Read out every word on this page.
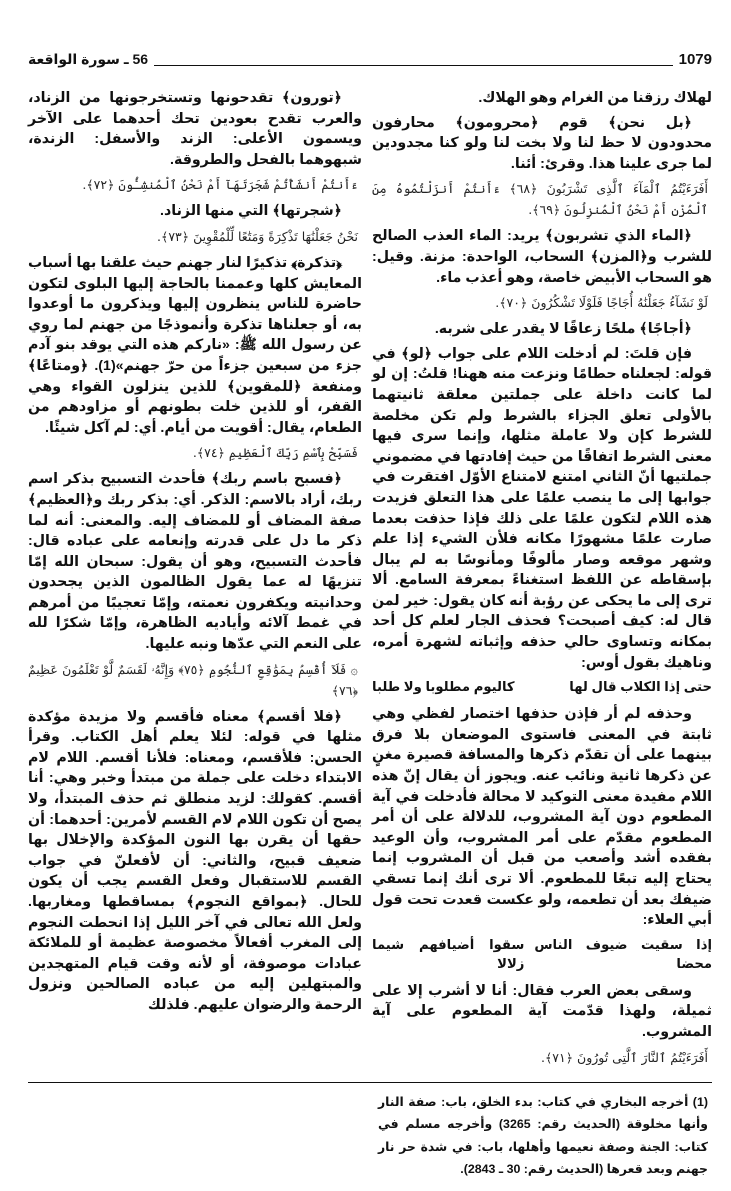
56 ـ سورة الواقعة	1079
لهلاك رزقنا من الغرام وهو الهلاك.
﴿بل نحن﴾ قوم ﴿محرومون﴾ محارفون محدودون لا حظ لنا ولا بخت لنا ولو كنا مجدودين لما جرى علينا هذا. وقرئ: أئنا.
أَفَرَءَيْتُمُ ٱلْمَآءَ ٱلَّذِى تَشْرَبُونَ ﴿٦٨﴾ ءَأَنتُمْ أَنزَلْتُمُوهُ مِنَ ٱلْمُزْنِ أَمْ نَحْنُ ٱلْمُنزِلُونَ ﴿٦٩﴾.
﴿الماء الذي تشربون﴾ يريد: الماء العذب الصالح للشرب و﴿المزن﴾ السحاب، الواحدة: مزنة. وقيل: هو السحاب الأبيض خاصة، وهو أعذب ماء.
لَوْ نَشَآءُ جَعَلْنَٰهُ أُجَاجًا فَلَوْلَا تَشْكُرُونَ ﴿٧٠﴾.
﴿أجاجًا﴾ ملحًا زعاقًا لا يقدر على شربه.
فإن قلتَ: لم أدخلت اللام على جواب ﴿لو﴾ في قوله: لجعلناه حطامًا ونزعت منه ههنا! قلتُ: إن لو لما كانت داخلة على جملتين معلقة ثانيتهما بالأولى تعلق الجزاء بالشرط ولم تكن مخلصة للشرط كإن ولا عاملة مثلها، وإنما سرى فيها معنى الشرط اتفاقًا من حيث إفادتها في مضموني جملتيها أنّ الثاني امتنع لامتناع الأوّل افتقرت في جوابها إلى ما ينصب علمًا على هذا التعلق فزيدت هذه اللام لتكون علمًا على ذلك فإذا حذفت بعدما صارت علمًا مشهورًا مكانه فلأن الشيء إذا علم وشهر موقعه وصار مألوفًا ومأنوسًا به لم يبال بإسقاطه عن اللفظ استغناءً بمعرفة السامع. ألا ترى إلى ما يحكى عن رؤبة أنه كان يقول: خير لمن قال له: كيف أصبحت؟ فحذف الجار لعلم كل أحد بمكانه وتساوى حالي حذفه وإثباته لشهرة أمره، وناهيك بقول أوس:
حتى إذا الكلاب قال لها
كاليوم مطلوبا ولا طلبا
وحذفه لم أر فإذن حذفها اختصار لفظي وهي ثابتة في المعنى فاستوى الموضعان بلا فرق بينهما على أن تقدّم ذكرها والمسافة قصيرة مغنٍ عن ذكرها ثانية ونائب عنه. ويجوز أن يقال إنّ هذه اللام مفيدة معنى التوكيد لا محالة فأدخلت في آية المطعوم دون آية المشروب، للدلالة على أن أمر المطعوم مقدّم على أمر المشروب، وأن الوعيد بفقده أشد وأصعب من قبل أن المشروب إنما يحتاج إليه تبعًا للمطعوم. ألا ترى أنك إنما تسقي ضيفك بعد أن تطعمه، ولو عكست قعدت تحت قول أبي العلاء:
إذا سقيت ضيوف الناس محضا
سقوا أضيافهم شيما زلالا
وسقى بعض العرب فقال: أنا لا أشرب إلا على ثميلة، ولهذا قدّمت آية المطعوم على آية المشروب.
أَفَرَءَيْتُمُ ٱلنَّارَ ٱلَّتِى تُورُونَ ﴿٧١﴾.
﴿تورون﴾ تقدحونها وتستخرجونها من الزناد، والعرب تقدح بعودين تحك أحدهما على الآخر ويسمون الأعلى: الزند والأسفل: الزندة، شبهوهما بالفحل والطروقة.
ءَأَنتُمْ أَنشَأْتُمْ شَجَرَتَهَآ أَمْ نَحْنُ ٱلْمُنشِـُٔونَ ﴿٧٢﴾.
﴿شجرتها﴾ التي منها الزناد.
نَحْنُ جَعَلْنَٰهَا تَذْكِرَةً وَمَتَٰعًا لِّلْمُقْوِينَ ﴿٧٣﴾.
﴿تذكرة﴾ تذكيرًا لنار جهنم حيث علقنا بها أسباب المعايش كلها وعممنا بالحاجة إليها البلوى لتكون حاضرة للناس ينظرون إليها ويذكرون ما أوعدوا به، أو جعلناها تذكرة وأنموذجًا من جهنم لما روي عن رسول الله ﷺ: «ناركم هذه التي يوقد بنو آدم جزء من سبعين جزءاً من حرّ جهنم»(1). ﴿ومتاعًا﴾ ومنفعة ﴿للمقوين﴾ للذين ينزلون القواء وهي القفر، أو للذين خلت بطونهم أو مزاودهم من الطعام، يقال: أقويت من أيام. أي: لم آكل شيئًا.
فَسَبِّحْ بِٱسْمِ رَبِّكَ ٱلْعَظِيمِ ﴿٧٤﴾.
﴿فسبح باسم ربك﴾ فأحدث التسبيح بذكر اسم ربك، أراد بالاسم: الذكر. أي: بذكر ربك و﴿العظيم﴾ صفة المضاف أو للمضاف إليه. والمعنى: أنه لما ذكر ما دل على قدرته وإنعامه على عباده قال: فأحدث التسبيح، وهو أن يقول: سبحان الله إمّا تنزيهًا له عما يقول الظالمون الذين يجحدون وحدانيته ويكفرون نعمته، وإمّا تعجيبًا من أمرهم في غمط آلائه وأياديه الظاهرة، وإمّا شكرًا لله على النعم التي عدّها ونبه عليها.
۞ فَلَآ أُقْسِمُ بِمَوَٰقِعِ ٱلنُّجُومِ ﴿٧٥﴾ وَإِنَّهُۥ لَقَسَمٌ لَّوْ تَعْلَمُونَ عَظِيمٌ ﴿٧٦﴾
﴿فلا أقسم﴾ معناه فأقسم ولا مزيدة مؤكدة مثلها في قوله: لئلا يعلم أهل الكتاب. وقرأ الحسن: فلأقسم، ومعناه: فلأنا أقسم. اللام لام الابتداء دخلت على جملة من مبتدأ وخبر وهي: أنا أقسم. كقولك: لزيد منطلق ثم حذف المبتدأ، ولا يصح أن تكون اللام لام القسم لأمرين: أحدهما: أن حقها أن يقرن بها النون المؤكدة والإخلال بها ضعيف قبيح، والثاني: أن لأفعلنّ في جواب القسم للاستقبال وفعل القسم يجب أن يكون للحال. ﴿بمواقع النجوم﴾ بمساقطها ومغاربها. ولعل الله تعالى في آخر الليل إذا انحطت النجوم إلى المغرب أفعالاً مخصوصة عظيمة أو للملائكة عبادات موصوفة، أو لأنه وقت قيام المتهجدين والمبتهلين إليه من عباده الصالحين ونزول الرحمة والرضوان عليهم. فلذلك
(1) أخرجه البخاري في كتاب: بدء الخلق، باب: صفة النار وأنها مخلوقة (الحديث رقم: 3265) وأخرجه مسلم في كتاب: الجنة وصفة نعيمها وأهلها، باب: في شدة حر نار جهنم وبعد قعرها (الحديث رقم: 30 ـ 2843).
